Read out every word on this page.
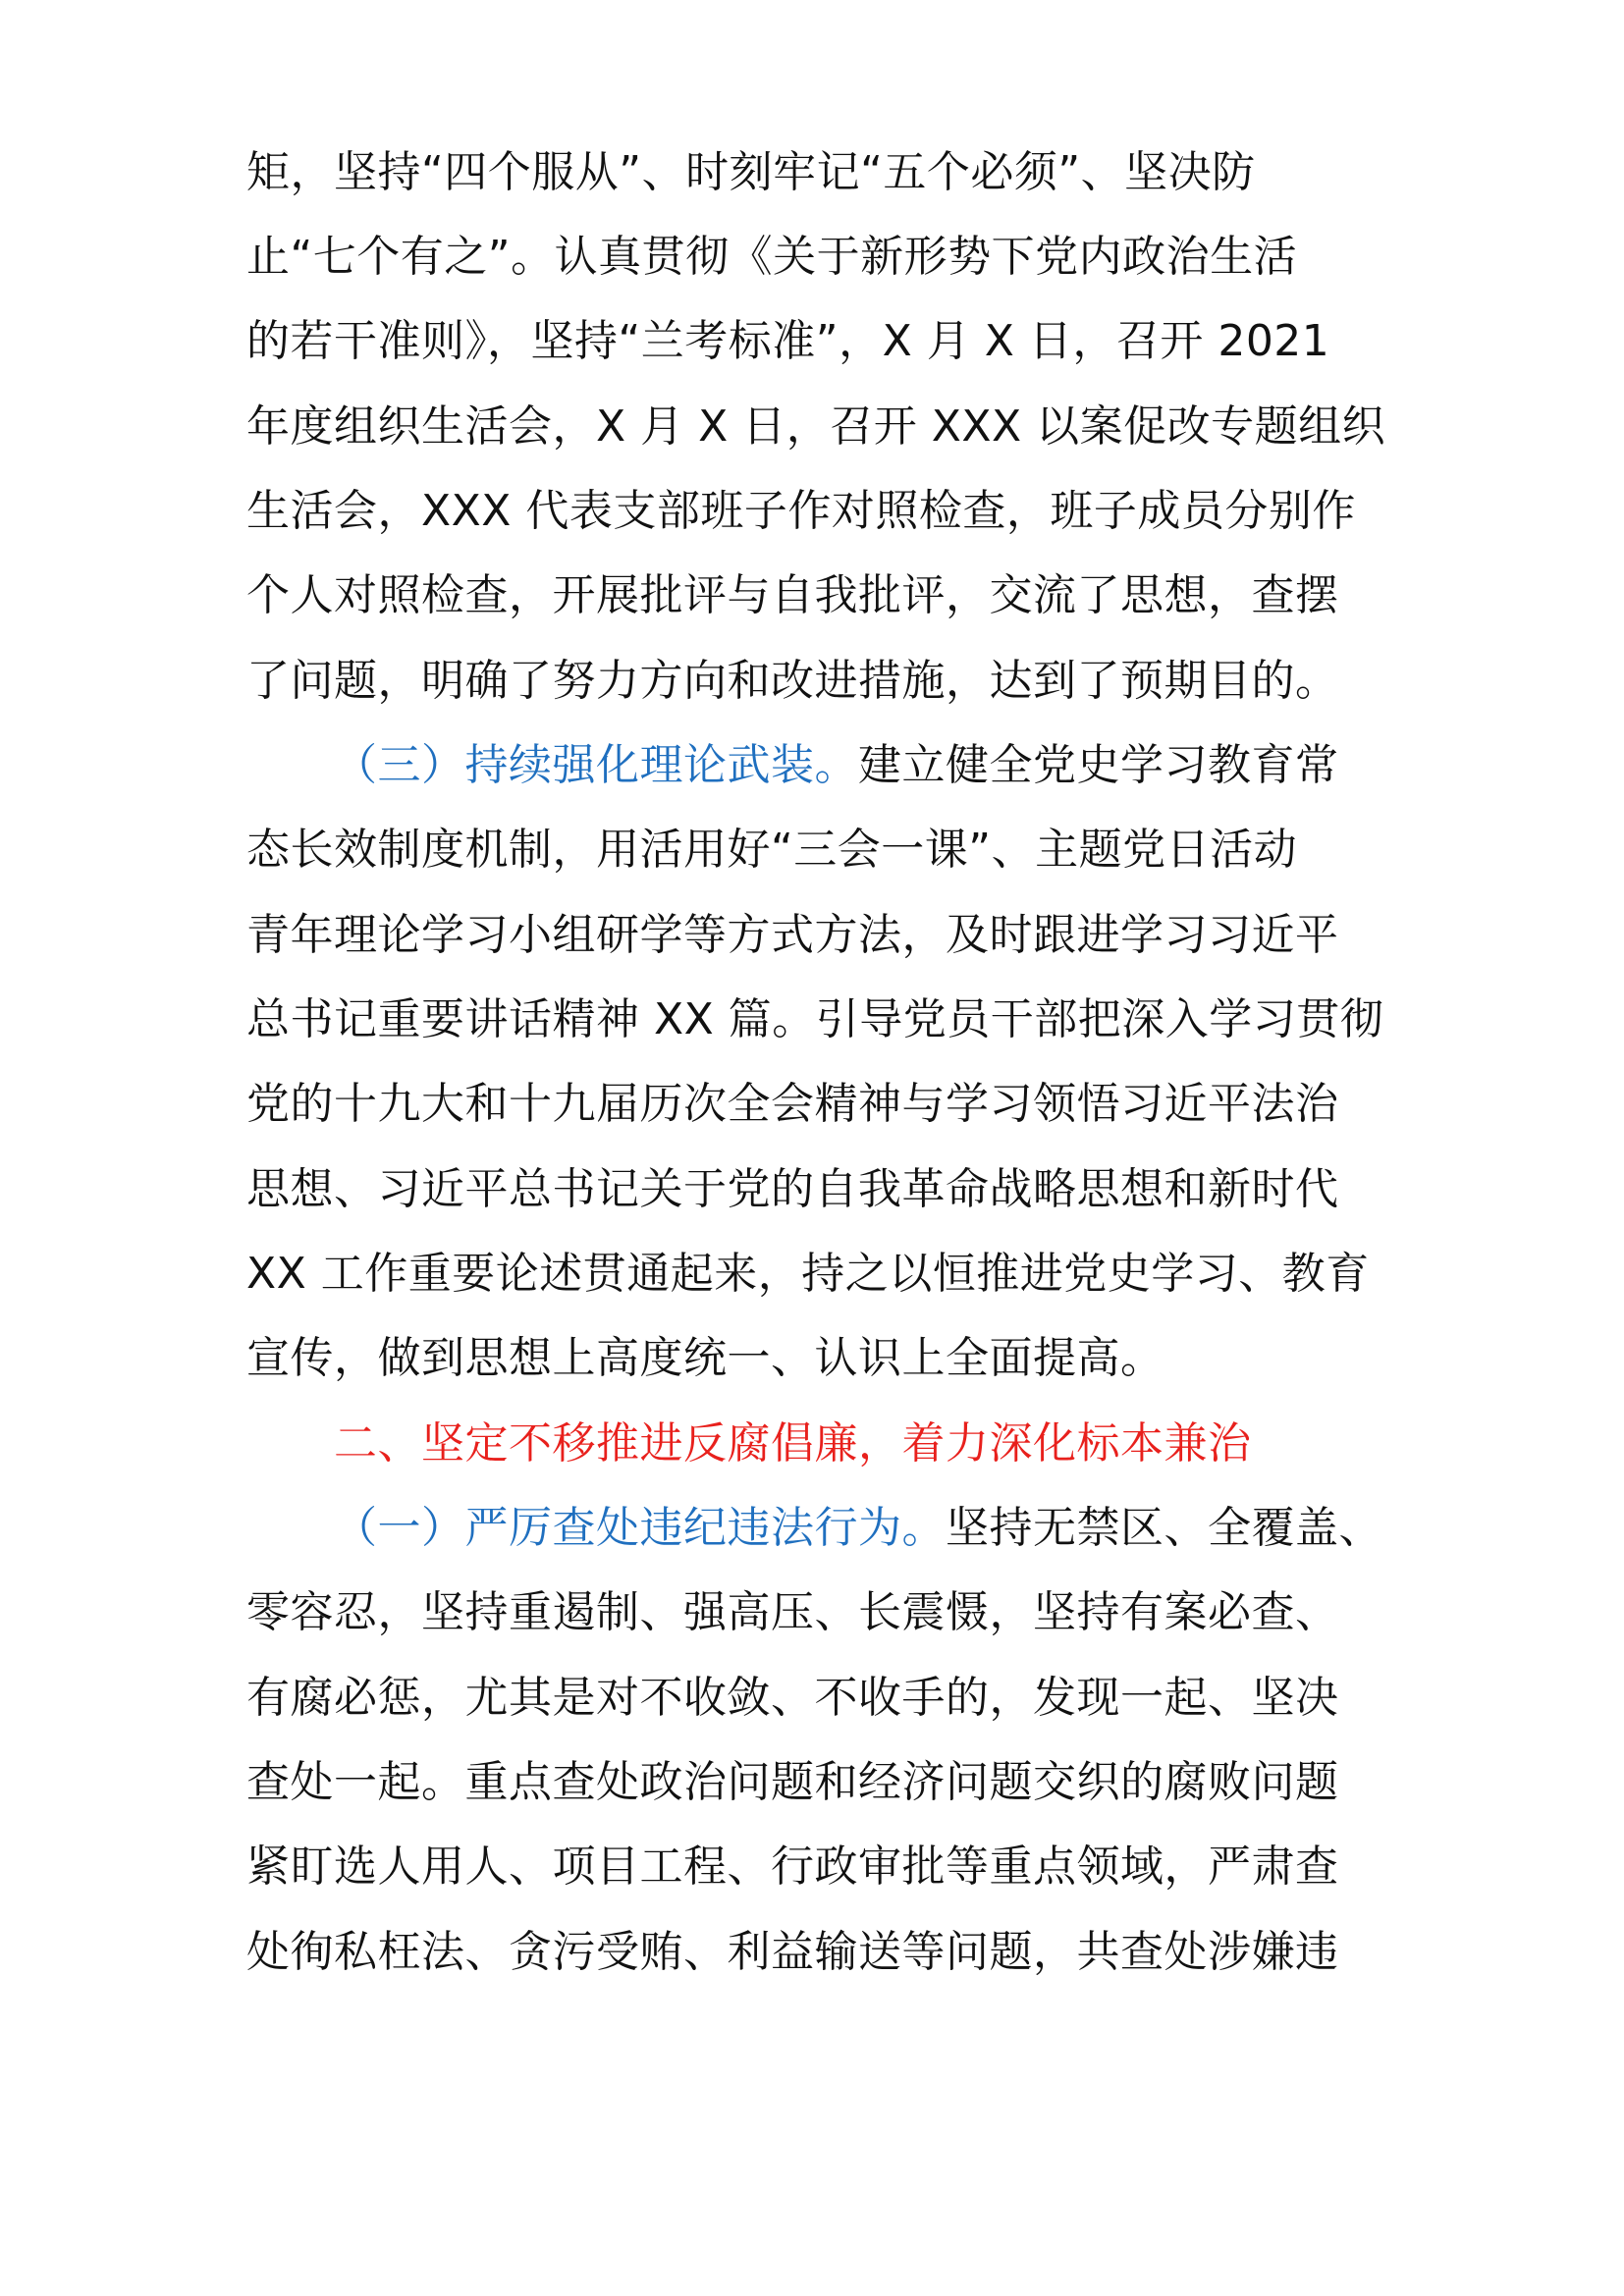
矩，坚持“四个服从”、时刻牢记“五个必须”、坚决防
止“七个有之”。认真贯彻《关于新形势下党内政治生活
的若干准则》，坚持“兰考标准”，X 月 X 日，召开 2021
年度组织生活会，X 月 X 日，召开 XXX 以案促改专题组织
生活会，XXX 代表支部班子作对照检查，班子成员分别作
个人对照检查，开展批评与自我批评，交流了思想，查摆
了问题，明确了努力方向和改进措施，达到了预期目的。
（三）持续强化理论武装。建立健全党史学习教育常
态长效制度机制，用活用好“三会一课”、主题党日活动
青年理论学习小组研学等方式方法，及时跟进学习习近平
总书记重要讲话精神 XX 篇。引导党员干部把深入学习贯彻
党的十九大和十九届历次全会精神与学习领悟习近平法治
思想、习近平总书记关于党的自我革命战略思想和新时代
XX 工作重要论述贯通起来，持之以恒推进党史学习、教育
宣传，做到思想上高度统一、认识上全面提高。
二、坚定不移推进反腐倡廉，着力深化标本兼治
（一）严厉查处违纪违法行为。坚持无禁区、全覆盖、
零容忍，坚持重遏制、强高压、长震慑，坚持有案必查、
有腐必惩，尤其是对不收敛、不收手的，发现一起、坚决
查处一起。重点查处政治问题和经济问题交织的腐败问题
紧盯选人用人、项目工程、行政审批等重点领域，严肃查
处徇私枉法、贪污受贿、利益输送等问题，共查处涉嫌违
